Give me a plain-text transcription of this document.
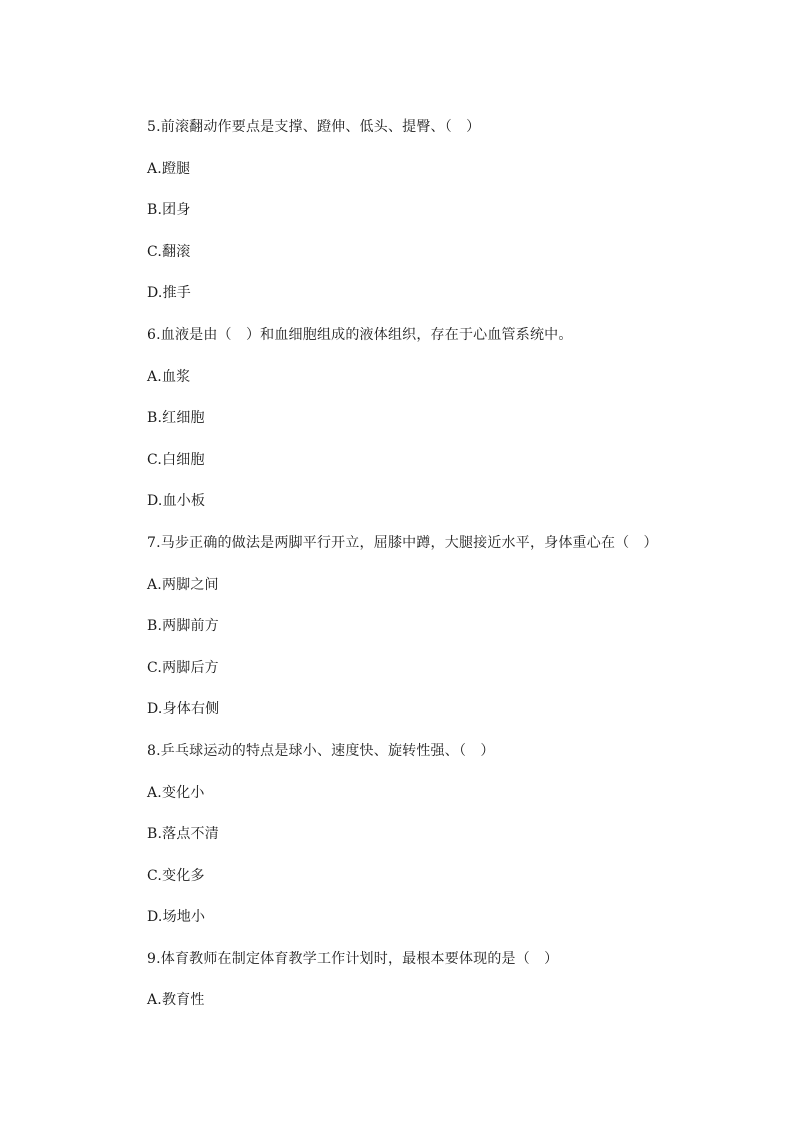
5.前滚翻动作要点是支撑、蹬伸、低头、提臀、（　）
A.蹬腿
B.团身
C.翻滚
D.推手
6.血液是由（　）和血细胞组成的液体组织，存在于心血管系统中。
A.血浆
B.红细胞
C.白细胞
D.血小板
7.马步正确的做法是两脚平行开立，屈膝中蹲，大腿接近水平，身体重心在（　）
A.两脚之间
B.两脚前方
C.两脚后方
D.身体右侧
8.乒乓球运动的特点是球小、速度快、旋转性强、（　）
A.变化小
B.落点不清
C.变化多
D.场地小
9.体育教师在制定体育教学工作计划时，最根本要体现的是（　）
A.教育性
